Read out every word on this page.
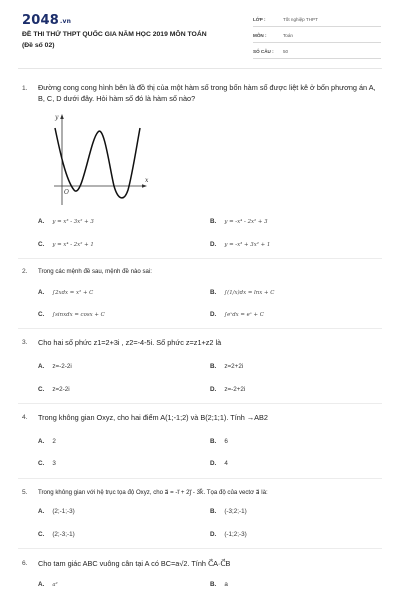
2048.vn
ĐỀ THI THỬ THPT QUỐC GIA NĂM HỌC 2019 MÔN TOÁN
(Đề số 02)
LỚP :	Tốt nghiệp THPT
MÔN :	Toán
SỐ CÂU : 50
1. Đường cong cong hình bên là đồ thị của một hàm số trong bốn hàm số được liệt kê ở bốn phương án A, B, C, D dưới đây. Hỏi hàm số đó là hàm số nào?
y
x
O
A. y = x³ - 3x² + 3	B. y = -x⁴ - 2x² + 3
C. y = x⁴ - 2x² + 1	D. y = -x³ + 3x² + 1
2. Trong các mệnh đề sau, mệnh đề nào sai:
A. ∫2xdx = x² + C	B. ∫(1/x)dx = lnx + C
C. ∫sinxdx = cosx + C	D. ∫eˣdx = eˣ + C
3. Cho hai số phức z1=2+3i , z2=-4-5i. Số phức z=z1+z2 là
A. z=-2-2i	B. z=2+2i
C. z=2-2i	D. z=-2+2i
4. Trong không gian Oxyz, cho hai điểm A(1;-1;2) và B(2;1;1). Tính →AB2
A. 2	B. 6
C. 3	D. 4
5. Trong không gian với hệ trục tọa độ Oxyz, cho a⃗ = -i⃗ + 2j⃗ - 3k⃗. Tọa độ của vectơ a⃗ là:
A. (2;-1;-3)	B. (-3;2;-1)
C. (2;-3;-1)	D. (-1;2;-3)
6. Cho tam giác ABC vuông cân tại A có BC=a√2. Tính C⃗A·C⃗B
A. a²	B. a
